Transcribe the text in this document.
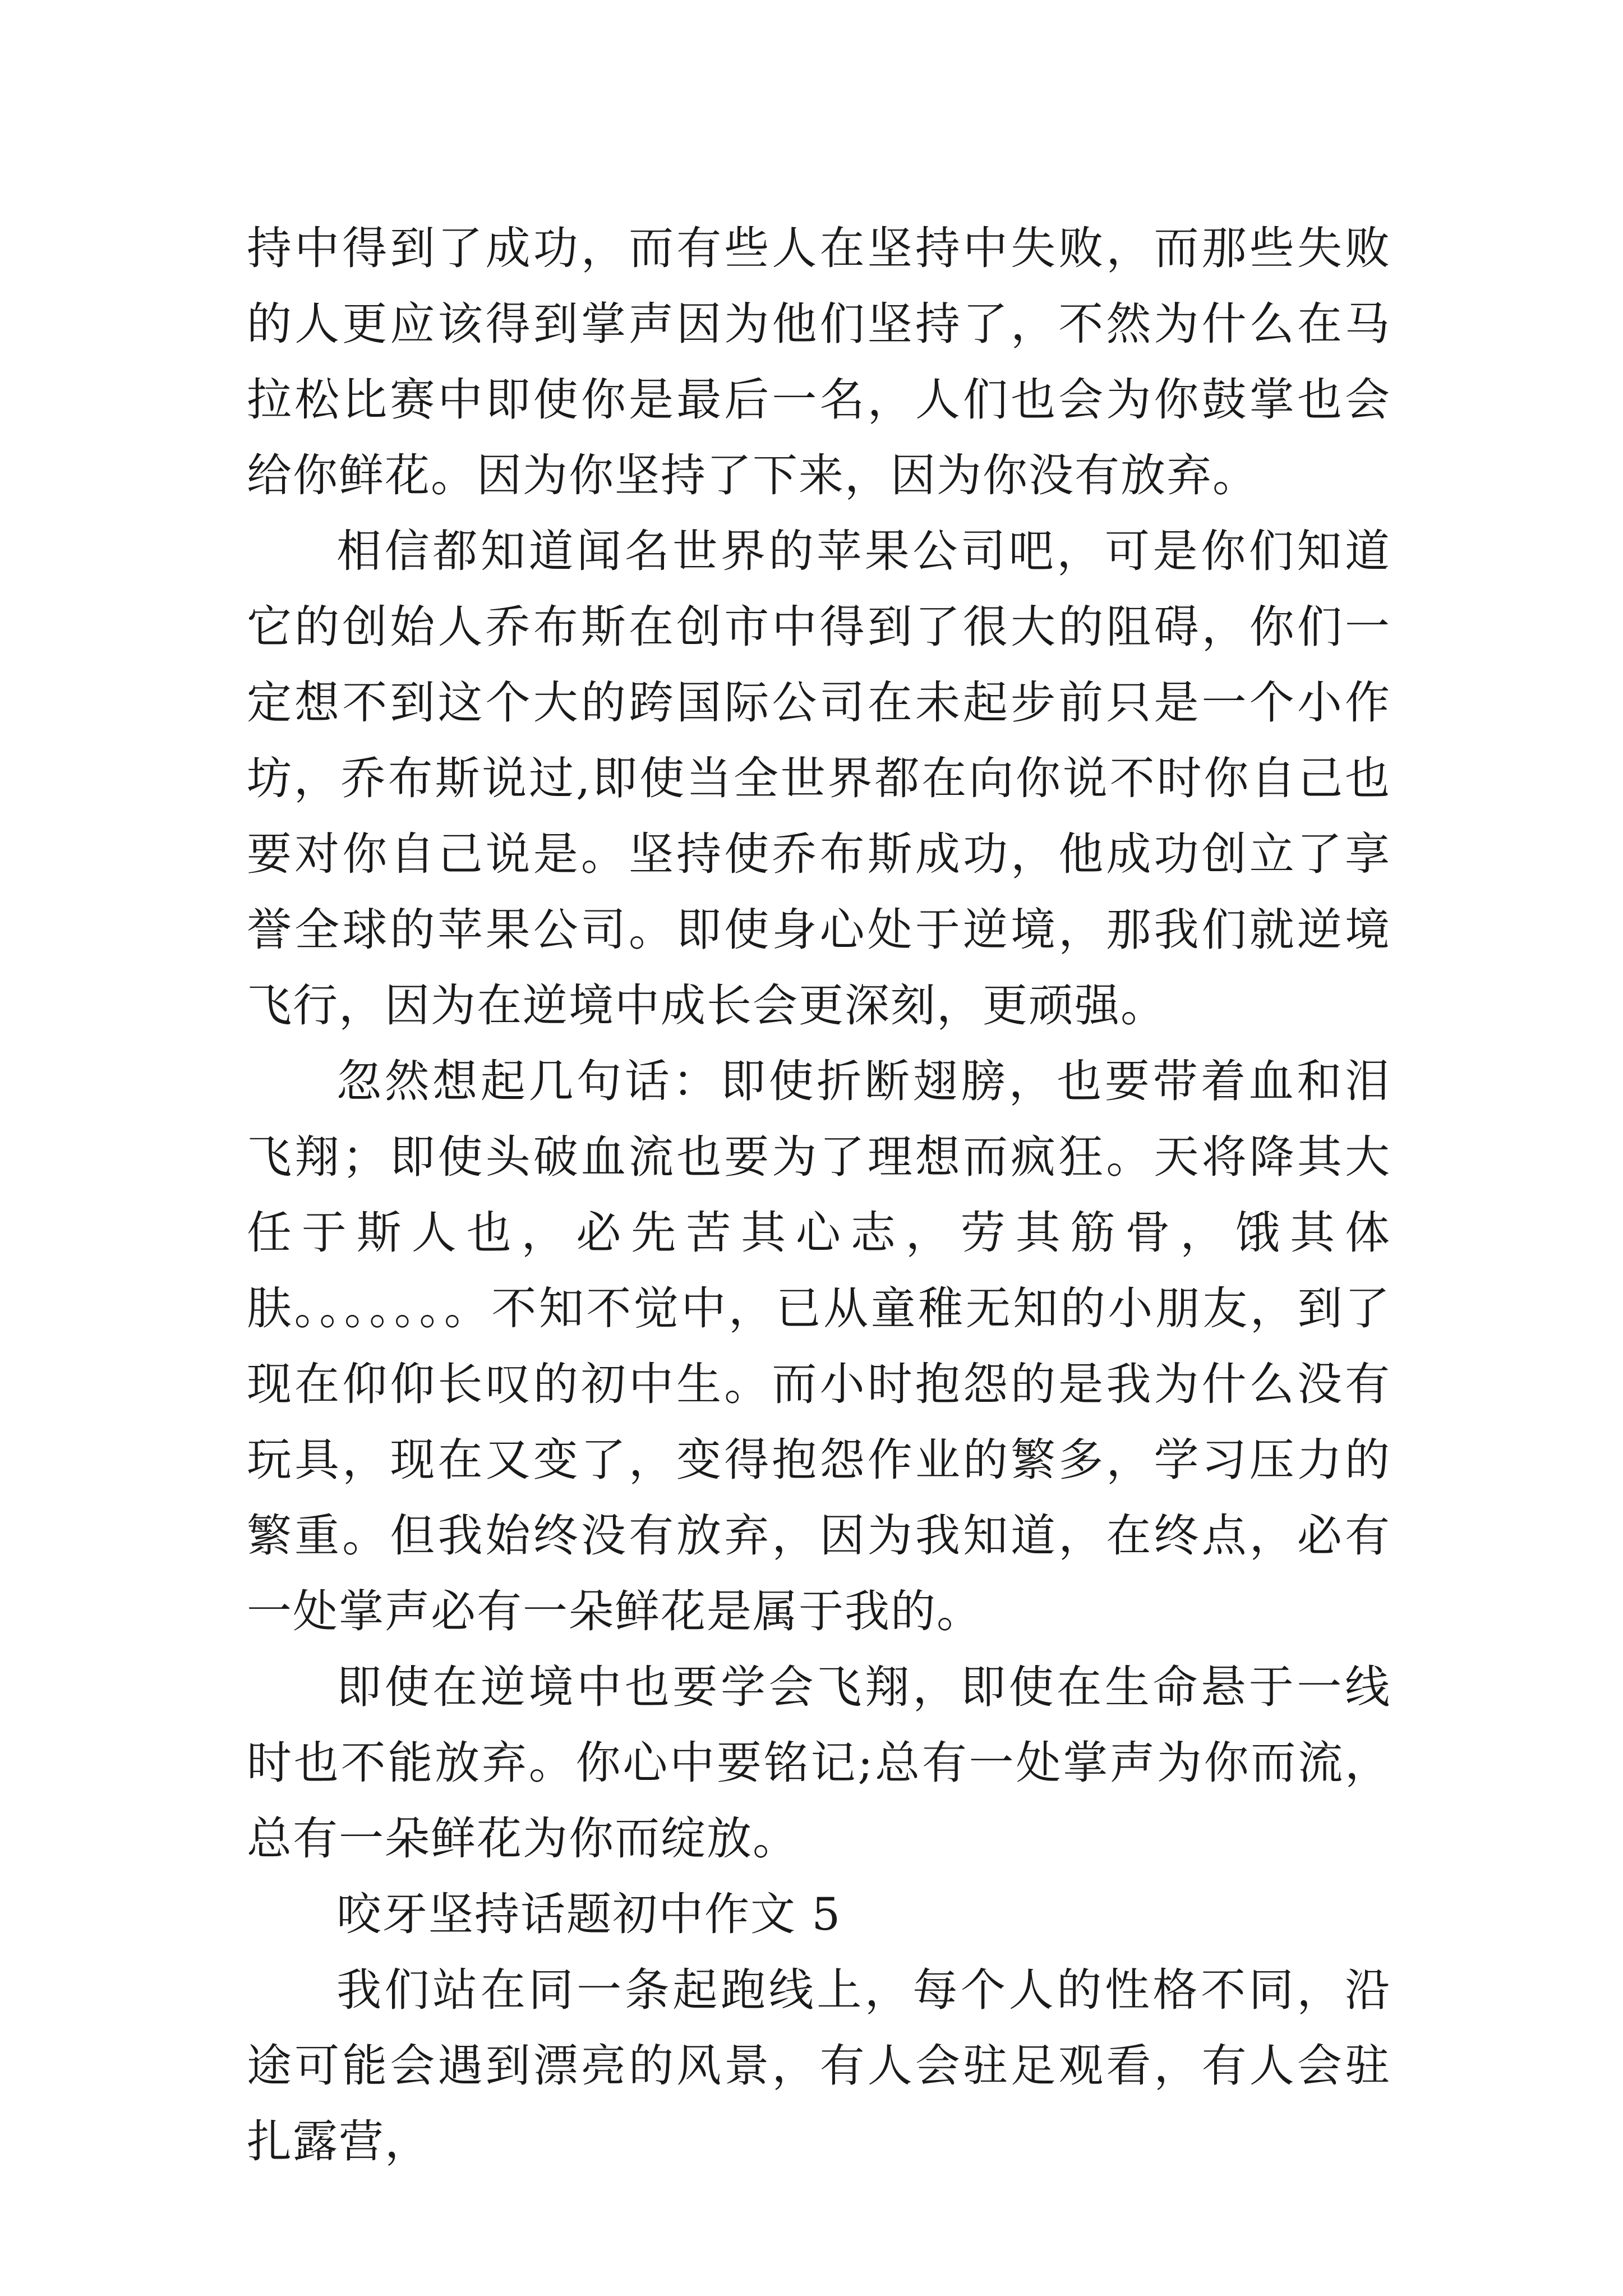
持中得到了成功，而有些人在坚持中失败，而那些失败的人更应该得到掌声因为他们坚持了，不然为什么在马拉松比赛中即使你是最后一名，人们也会为你鼓掌也会给你鲜花。因为你坚持了下来，因为你没有放弃。

相信都知道闻名世界的苹果公司吧，可是你们知道它的创始人乔布斯在创市中得到了很大的阻碍，你们一定想不到这个大的跨国际公司在未起步前只是一个小作坊，乔布斯说过,即使当全世界都在向你说不时你自己也要对你自己说是。坚持使乔布斯成功，他成功创立了享誉全球的苹果公司。即使身心处于逆境，那我们就逆境飞行，因为在逆境中成长会更深刻，更顽强。

忽然想起几句话：即使折断翅膀，也要带着血和泪飞翔；即使头破血流也要为了理想而疯狂。天将降其大任于斯人也，必先苦其心志，劳其筋骨，饿其体肤。。。。。。。不知不觉中，已从童稚无知的小朋友，到了现在仰仰长叹的初中生。而小时抱怨的是我为什么没有玩具，现在又变了，变得抱怨作业的繁多，学习压力的繁重。但我始终没有放弃，因为我知道，在终点，必有一处掌声必有一朵鲜花是属于我的。

即使在逆境中也要学会飞翔，即使在生命悬于一线时也不能放弃。你心中要铭记;总有一处掌声为你而流，总有一朵鲜花为你而绽放。

咬牙坚持话题初中作文 5

我们站在同一条起跑线上，每个人的性格不同，沿途可能会遇到漂亮的风景，有人会驻足观看，有人会驻扎露营，
